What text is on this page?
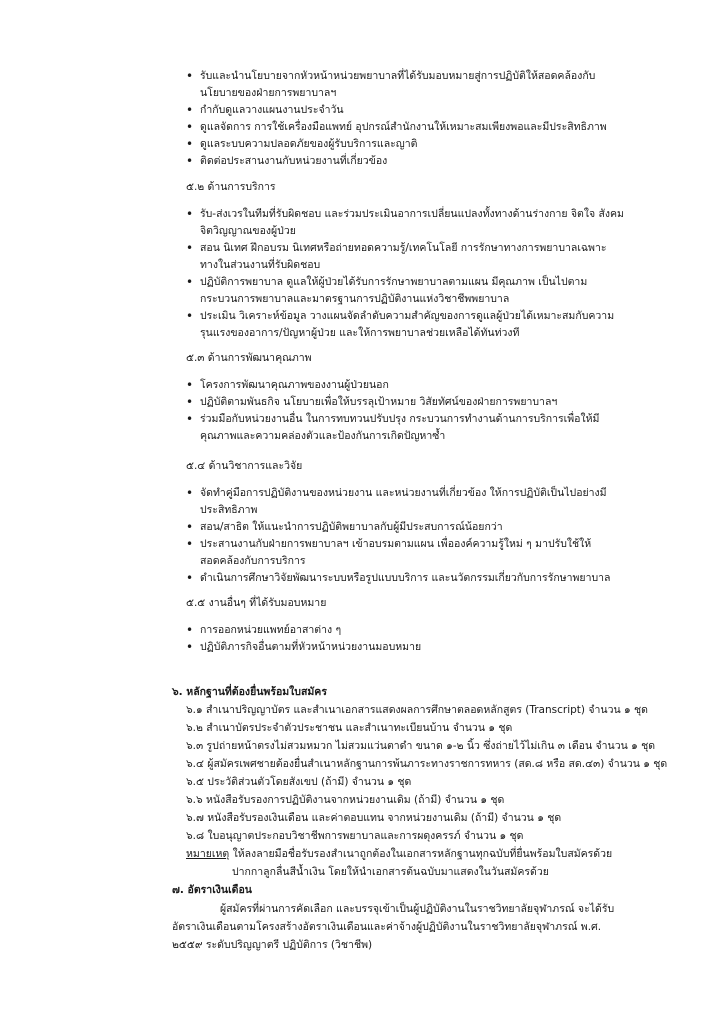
• รับและนำนโยบายจากหัวหน้าหน่วยพยาบาลที่ได้รับมอบหมายสู่การปฏิบัติให้สอดคล้องกับนโยบายของฝ่ายการพยาบาลฯ
• กำกับดูแลวางแผนงานประจำวัน
• ดูแลจัดการ การใช้เครื่องมือแพทย์ อุปกรณ์สำนักงานให้เหมาะสมเพียงพอและมีประสิทธิภาพ
• ดูแลระบบความปลอดภัยของผู้รับบริการและญาติ
• ติดต่อประสานงานกับหน่วยงานที่เกี่ยวข้อง
๕.๒ ด้านการบริการ
• รับ-ส่งเวรในทีมที่รับผิดชอบ และร่วมประเมินอาการเปลี่ยนแปลงทั้งทางด้านร่างกาย จิตใจ สังคม จิตวิญญาณของผู้ป่วย
• สอน นิเทศ ฝึกอบรม นิเทศหรือถ่ายทอดความรู้/เทคโนโลยี การรักษาทางการพยาบาลเฉพาะทางในส่วนงานที่รับผิดชอบ
• ปฏิบัติการพยาบาล ดูแลให้ผู้ป่วยได้รับการรักษาพยาบาลตามแผน มีคุณภาพ เป็นไปตามกระบวนการพยาบาลและมาตรฐานการปฏิบัติงานแห่งวิชาชีพพยาบาล
• ประเมิน วิเคราะห์ข้อมูล วางแผนจัดลำดับความสำคัญของการดูแลผู้ป่วยได้เหมาะสมกับความรุนแรงของอาการ/ปัญหาผู้ป่วย และให้การพยาบาลช่วยเหลือได้ทันท่วงที
๕.๓ ด้านการพัฒนาคุณภาพ
• โครงการพัฒนาคุณภาพของงานผู้ป่วยนอก
• ปฏิบัติตามพันธกิจ นโยบายเพื่อให้บรรลุเป้าหมาย วิสัยทัศน์ของฝ่ายการพยาบาลฯ
• ร่วมมือกับหน่วยงานอื่น ในการทบทวนปรับปรุง กระบวนการทำงานด้านการบริการเพื่อให้มีคุณภาพและความคล่องตัวและป้องกันการเกิดปัญหาซ้ำ
๕.๔ ด้านวิชาการและวิจัย
• จัดทำคู่มือการปฏิบัติงานของหน่วยงาน และหน่วยงานที่เกี่ยวข้อง ให้การปฏิบัติเป็นไปอย่างมีประสิทธิภาพ
• สอน/สาธิต ให้แนะนำการปฏิบัติพยาบาลกับผู้มีประสบการณ์น้อยกว่า
• ประสานงานกับฝ่ายการพยาบาลฯ เข้าอบรมตามแผน เพื่อองค์ความรู้ใหม่ ๆ มาปรับใช้ให้สอดคล้องกับการบริการ
• ดำเนินการศึกษาวิจัยพัฒนาระบบหรือรูปแบบบริการ และนวัตกรรมเกี่ยวกับการรักษาพยาบาล
๕.๕ งานอื่นๆ ที่ได้รับมอบหมาย
• การออกหน่วยแพทย์อาสาต่าง ๆ
• ปฏิบัติภารกิจอื่นตามที่หัวหน้าหน่วยงานมอบหมาย
๖. หลักฐานที่ต้องยื่นพร้อมใบสมัคร
๖.๑ สำเนาปริญญาบัตร และสำเนาเอกสารแสดงผลการศึกษาตลอดหลักสูตร (Transcript) จำนวน ๑ ชุด
๖.๒ สำเนาบัตรประจำตัวประชาชน และสำเนาทะเบียนบ้าน จำนวน ๑ ชุด
๖.๓ รูปถ่ายหน้าตรงไม่สวมหมวก ไม่สวมแว่นตาดำ ขนาด ๑-๒ นิ้ว ซึ่งถ่ายไว้ไม่เกิน ๓ เดือน จำนวน ๑ ชุด
๖.๔ ผู้สมัครเพศชายต้องยื่นสำเนาหลักฐานการพ้นภาระทางราชการทหาร (สด.๘ หรือ สด.๔๓) จำนวน ๑ ชุด
๖.๕ ประวัติส่วนตัวโดยสังเขป (ถ้ามี) จำนวน ๑ ชุด
๖.๖ หนังสือรับรองการปฏิบัติงานจากหน่วยงานเดิม (ถ้ามี) จำนวน ๑ ชุด
๖.๗ หนังสือรับรองเงินเดือน และค่าตอบแทน จากหน่วยงานเดิม (ถ้ามี) จำนวน ๑ ชุด
๖.๘ ใบอนุญาตประกอบวิชาชีพการพยาบาลและการผดุงครรภ์ จำนวน ๑ ชุด
หมายเหตุ ให้ลงลายมือชื่อรับรองสำเนาถูกต้องในเอกสารหลักฐานทุกฉบับที่ยื่นพร้อมใบสมัครด้วย
ปากกาลูกลื่นสีน้ำเงิน โดยให้นำเอกสารต้นฉบับมาแสดงในวันสมัครด้วย
๗. อัตราเงินเดือน
ผู้สมัครที่ผ่านการคัดเลือก และบรรจุเข้าเป็นผู้ปฏิบัติงานในราชวิทยาลัยจุฬาภรณ์ จะได้รับอัตราเงินเดือนตามโครงสร้างอัตราเงินเดือนและค่าจ้างผู้ปฏิบัติงานในราชวิทยาลัยจุฬาภรณ์ พ.ศ. ๒๕๕๙ ระดับปริญญาตรี ปฏิบัติการ (วิชาชีพ)
